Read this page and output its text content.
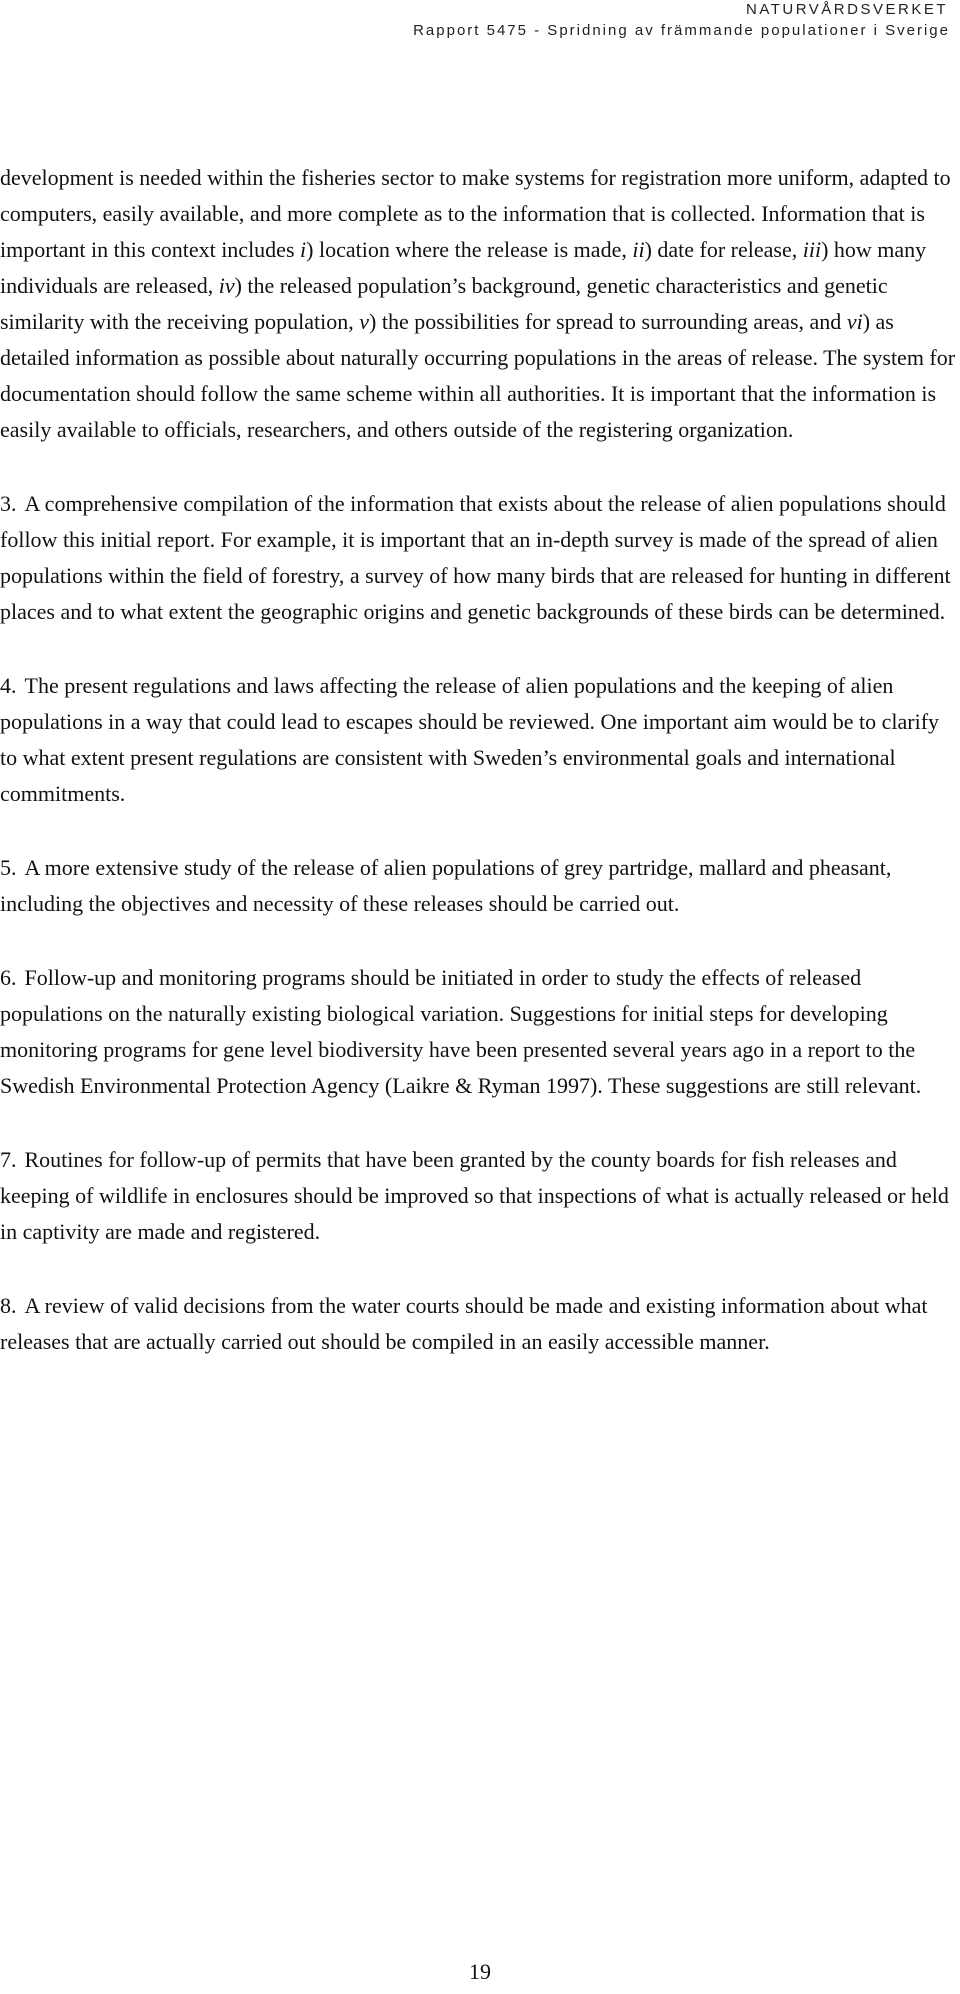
NATURVÅRDSVERKET
Rapport 5475 - Spridning av främmande populationer i Sverige

development is needed within the fisheries sector to make systems for registration more uniform, adapted to computers, easily available, and more complete as to the information that is collected. Information that is important in this context includes i) location where the release is made, ii) date for release, iii) how many individuals are released, iv) the released population’s background, genetic characteristics and genetic similarity with the receiving population, v) the possibilities for spread to surrounding areas, and vi) as detailed information as possible about naturally occurring populations in the areas of release. The system for documentation should follow the same scheme within all authorities. It is important that the information is easily available to officials, researchers, and others outside of the registering organization.

3. A comprehensive compilation of the information that exists about the release of alien populations should follow this initial report. For example, it is important that an in-depth survey is made of the spread of alien populations within the field of forestry, a survey of how many birds that are released for hunting in different places and to what extent the geographic origins and genetic backgrounds of these birds can be determined.

4. The present regulations and laws affecting the release of alien populations and the keeping of alien populations in a way that could lead to escapes should be reviewed. One important aim would be to clarify to what extent present regulations are consistent with Sweden’s environmental goals and international commitments.

5. A more extensive study of the release of alien populations of grey partridge, mallard and pheasant, including the objectives and necessity of these releases should be carried out.

6. Follow-up and monitoring programs should be initiated in order to study the effects of released populations on the naturally existing biological variation. Suggestions for initial steps for developing monitoring programs for gene level biodiversity have been presented several years ago in a report to the Swedish Environmental Protection Agency (Laikre & Ryman 1997). These suggestions are still relevant.

7. Routines for follow-up of permits that have been granted by the county boards for fish releases and keeping of wildlife in enclosures should be improved so that inspections of what is actually released or held in captivity are made and registered.

8. A review of valid decisions from the water courts should be made and existing information about what releases that are actually carried out should be compiled in an easily accessible manner.

19
